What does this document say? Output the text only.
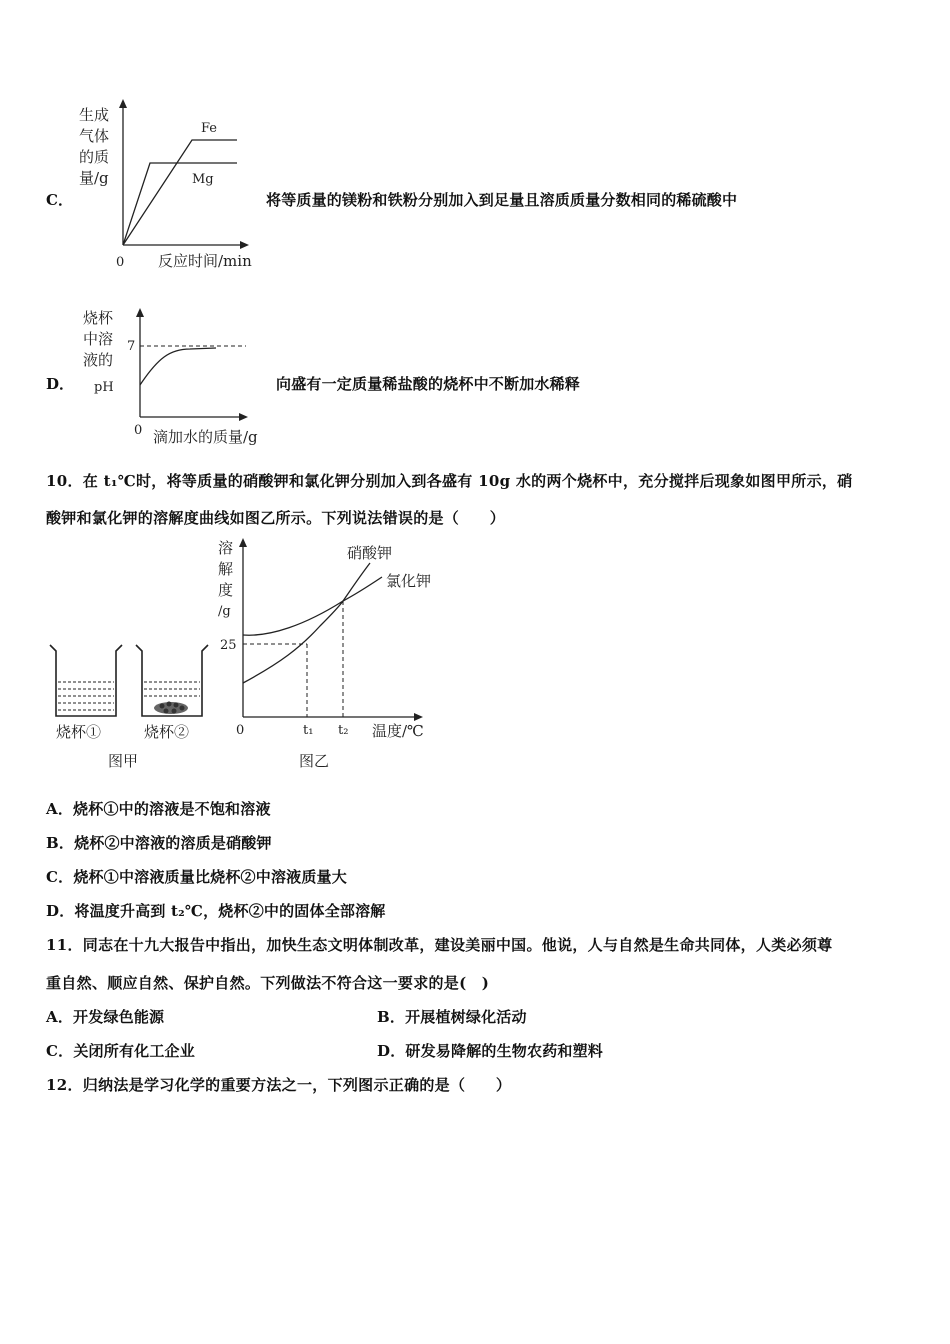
C．
生成
气体
的质
量/g
Fe
Mg
0 反应时间/min
将等质量的镁粉和铁粉分别加入到足量且溶质质量分数相同的稀硫酸中
D．
7
烧杯
中溶
液的
pH
0 滴加水的质量/g
向盛有一定质量稀盐酸的烧杯中不断加水稀释
10．在 t₁℃时，将等质量的硝酸钾和氯化钾分别加入到各盛有 10g 水的两个烧杯中，充分搅拌后现象如图甲所示，硝
酸钾和氯化钾的溶解度曲线如图乙所示。下列说法错误的是（　　）
烧杯①	烧杯②
图甲
溶
解
度
/g
25
0	t₁ t₂ 温度/℃
硝酸钾
氯化钾
图乙
A．烧杯①中的溶液是不饱和溶液
B．烧杯②中溶液的溶质是硝酸钾
C．烧杯①中溶液质量比烧杯②中溶液质量大
D．将温度升高到 t₂℃，烧杯②中的固体全部溶解
11．同志在十九大报告中指出，加快生态文明体制改革，建设美丽中国。他说，人与自然是生命共同体，人类必须尊
重自然、顺应自然、保护自然。下列做法不符合这一要求的是(　)
A．开发绿色能源	B．开展植树绿化活动
C．关闭所有化工企业	D．研发易降解的生物农药和塑料
12．归纳法是学习化学的重要方法之一，下列图示正确的是（　　）
